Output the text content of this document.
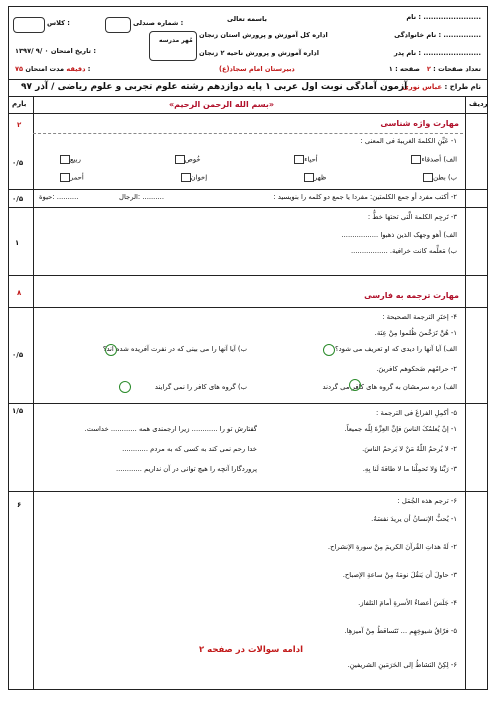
نام : .......................
نام خانوادگی : ...............
نام پدر : .......................
تعداد صفحات : ۲   صفحه : ۱
باسمه تعالی
اداره کل آموزش و پرورش استان زنجان
اداره آموزش و پرورش ناحیه ۲ زنجان
دبیرستان امام سجاد(ع)
مُهر مدرسه
شماره صندلی :
کلاس :
۱۳۹۷/ ۹/ ۰ تاریخ امتحان :
۷۵ دقیقه مدت امتحان :
نام طراح : عباس نوری
آزمون آمادگی نوبت اول عربی ۱ پایه دوازدهم رشته علوم تجربی و علوم ریاضی / آذر ۹۷
بارم	ردیف
«بسم الله الرحمن الرحیم»
۲	مهارت واژه شناسی
۱- عَیِّنِ الکلمةَ الغریبةَ فی المعنی :
۰/۵	الف) أصدقاء
أحیاء
خُوص
ربیع
ب) بطن
ظهر
إخوان
أحمر
۲- أکتب مفرد أو جمع الکلمتین: مفردا یا جمع دو کلمه را بنویسید :
الرجال: ..........
حیوة: ..........
۰/۵
۳- تَرجِم الکلمة الَّتی تحتها خطٌّ :
الف) أهو وجهک الذین ذهبوا .................
ب) مَعلِّمه کانت خرافیة. .................
۱
۸	مهارت ترجمه به فارسی
۴- إختَرِ الترجمة الصحیحة :
۰/۵
۱- هُنَّ تَرَحَّمنَ ظُلموا مِنْ عِنَة.
الف) آیا آنها را دیدی که او تعریف می شود؟
ب) آیا آنها را می بینی که در نفرت آفریده شده اند؟
۲- حرامُهم ضَحکوهم کافرینَ.
الف) دره سرمشان به گروه های کافر می گردند
ب) گروه های کافر را نمی گرایند
۵- أکمِلِ الفراغَ فی الترجمة :
۱/۵
۱- إنّ یُعلمُکَ الناسَ فإنَّ العِزَّةَ لِلّه جمیعاً.
گفتارش تو را ............ زیرا ارجمندی همه ............ خداست.
۲- لا یُرحمُ اللّهُ مَنْ لا یَرحمُ الناسَ.
خدا رحم نمی کند به کسی که به مردم ............
۳- رَبَّنا وَلا تَحمِلْنا ما لا طاقةَ لَنا بِهِ.
پروردگارا آنچه را هیچ توانی در آن نداریم ............
۶- ترجم هذه الجُمَل :
۶
۱- یُحبُّ الإنسانُ أن یریدَ نفسَهُ.
۲- لَهُ هذاتِ القُرآنَ الکریمَ مِنْ سورةِ الإنشراح.
۳- حاولَ أن یَنقُلَ نومَهُ مِنْ ساعةِ الإصباح.
۴- جَلَسَ أعضاءُ الأسرةِ أمامَ التلفاز.
۵- فرّاقُ شیوخِهِم ... تَتَساقطُ مِنْ آمیزهِا.
۶- لِکِنْ النَشاطُ إلی الحَرَمَینِ الشریفینِ.
ادامه سوالات در صفحه ۲
